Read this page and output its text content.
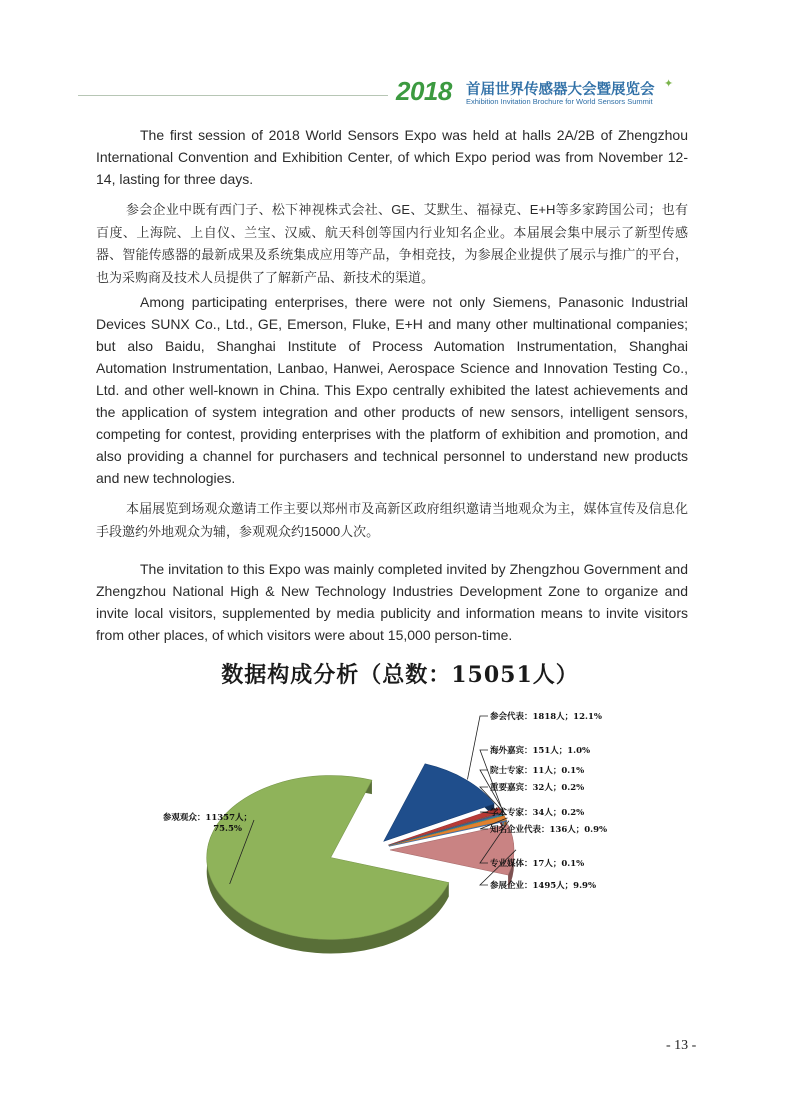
2018 首届世界传感器大会暨展览会
Exhibition Invitation Brochure for World Sensors Summit
✦

The first session of 2018 World Sensors Expo was held at halls 2A/2B of Zhengzhou International Convention and Exhibition Center, of which Expo period was from November 12-14, lasting for three days.

参会企业中既有西门子、松下神视株式会社、GE、艾默生、福禄克、E+H等多家跨国公司；也有百度、上海院、上自仪、兰宝、汉威、航天科创等国内行业知名企业。本届展会集中展示了新型传感器、智能传感器的最新成果及系统集成应用等产品，争相竞技，为参展企业提供了展示与推广的平台，也为采购商及技术人员提供了了解新产品、新技术的渠道。

Among participating enterprises, there were not only Siemens, Panasonic Industrial Devices SUNX Co., Ltd., GE, Emerson, Fluke, E+H and many other multinational companies; but also Baidu, Shanghai Institute of Process Automation Instrumentation, Shanghai Automation Instrumentation, Lanbao, Hanwei, Aerospace Science and Innovation Testing Co., Ltd. and other well-known in China. This Expo centrally exhibited the latest achievements and the application of system integration and other products of new sensors, intelligent sensors, competing for contest, providing enterprises with the platform of exhibition and promotion, and also providing a channel for purchasers and technical personnel to understand new products and new technologies.

本届展览到场观众邀请工作主要以郑州市及高新区政府组织邀请当地观众为主，媒体宣传及信息化手段邀约外地观众为辅，参观观众约15000人次。

The invitation to this Expo was mainly completed invited by Zhengzhou Government and Zhengzhou National High & New Technology Industries Development Zone to organize and invite local visitors, supplemented by media publicity and information means to invite visitors from other places, of which visitors were about 15,000 person-time.

数据构成分析（总数：15051人）
参会代表：1818人；12.1%
海外嘉宾：151人；1.0%
院士专家：11人；0.1%
重要嘉宾：32人；0.2%
学术专家：34人；0.2%
知名企业代表：136人；0.9%
专业媒体：17人；0.1%
参展企业：1495人；9.9%
参观观众：11357人； 75.5%
- 13 -
